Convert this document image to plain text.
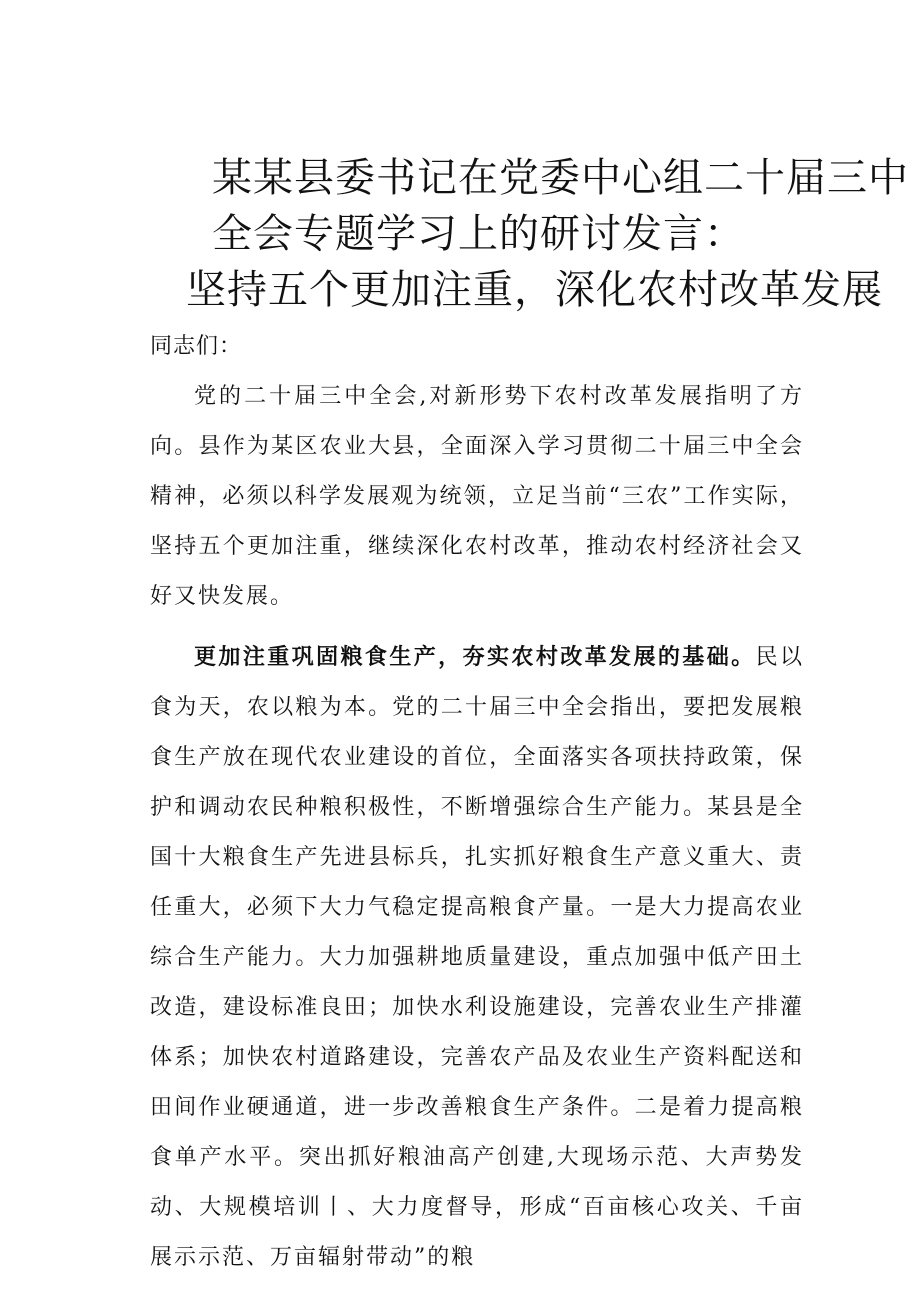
某某县委书记在党委中心组二十届三中
全会专题学习上的研讨发言：
坚持五个更加注重，深化农村改革发展

同志们：

党的二十届三中全会,对新形势下农村改革发展指明了方向。县作为某区农业大县，全面深入学习贯彻二十届三中全会精神，必须以科学发展观为统领，立足当前“三农”工作实际，坚持五个更加注重，继续深化农村改革，推动农村经济社会又好又快发展。

更加注重巩固粮食生产，夯实农村改革发展的基础。民以食为天，农以粮为本。党的二十届三中全会指出，要把发展粮食生产放在现代农业建设的首位，全面落实各项扶持政策，保护和调动农民种粮积极性，不断增强综合生产能力。某县是全国十大粮食生产先进县标兵，扎实抓好粮食生产意义重大、责任重大，必须下大力气稳定提高粮食产量。一是大力提高农业综合生产能力。大力加强耕地质量建设，重点加强中低产田土改造，建设标准良田；加快水利设施建设，完善农业生产排灌体系；加快农村道路建设，完善农产品及农业生产资料配送和田间作业硬通道，进一步改善粮食生产条件。二是着力提高粮食单产水平。突出抓好粮油高产创建,大现场示范、大声势发动、大规模培训丨、大力度督导，形成“百亩核心攻关、千亩展示示范、万亩辐射带动”的粮
